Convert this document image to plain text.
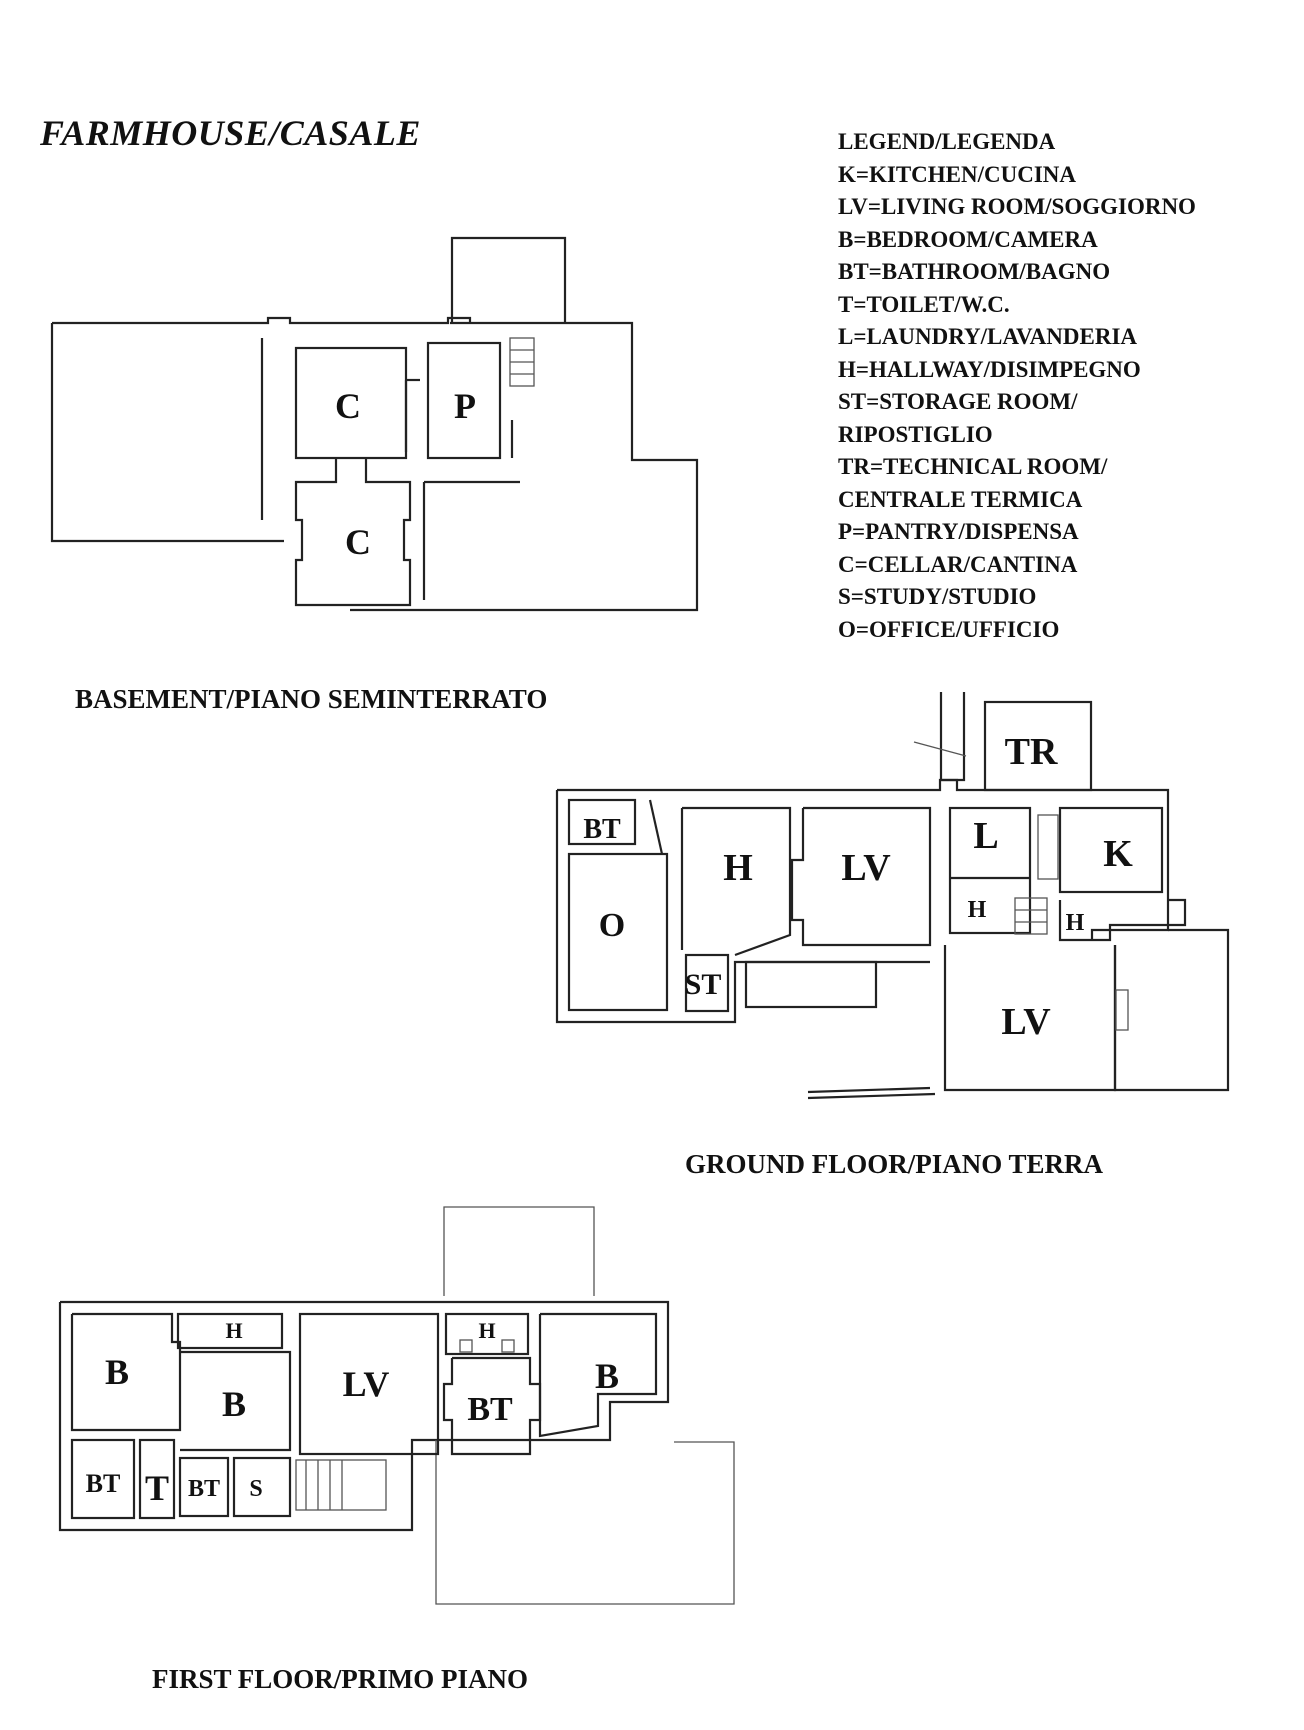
FARMHOUSE/CASALE	LEGEND/LEGENDA
K=KITCHEN/CUCINA
LV=LIVING ROOM/SOGGIORNO
B=BEDROOM/CAMERA
BT=BATHROOM/BAGNO
T=TOILET/W.C.
L=LAUNDRY/LAVANDERIA
H=HALLWAY/DISIMPEGNO
ST=STORAGE ROOM/
RIPOSTIGLIO
TR=TECHNICAL ROOM/
CENTRALE TERMICA
P=PANTRY/DISPENSA
C=CELLAR/CANTINA
S=STUDY/STUDIO
O=OFFICE/UFFICIO
C	P
C
BASEMENT/PIANO SEMINTERRATO
TR
BT
H LV
L	K
O	H	H
ST
LV
GROUND FLOOR/PIANO TERRA
H	H
B
B	LV
BT
B
BT T BT S
FIRST FLOOR/PRIMO PIANO
